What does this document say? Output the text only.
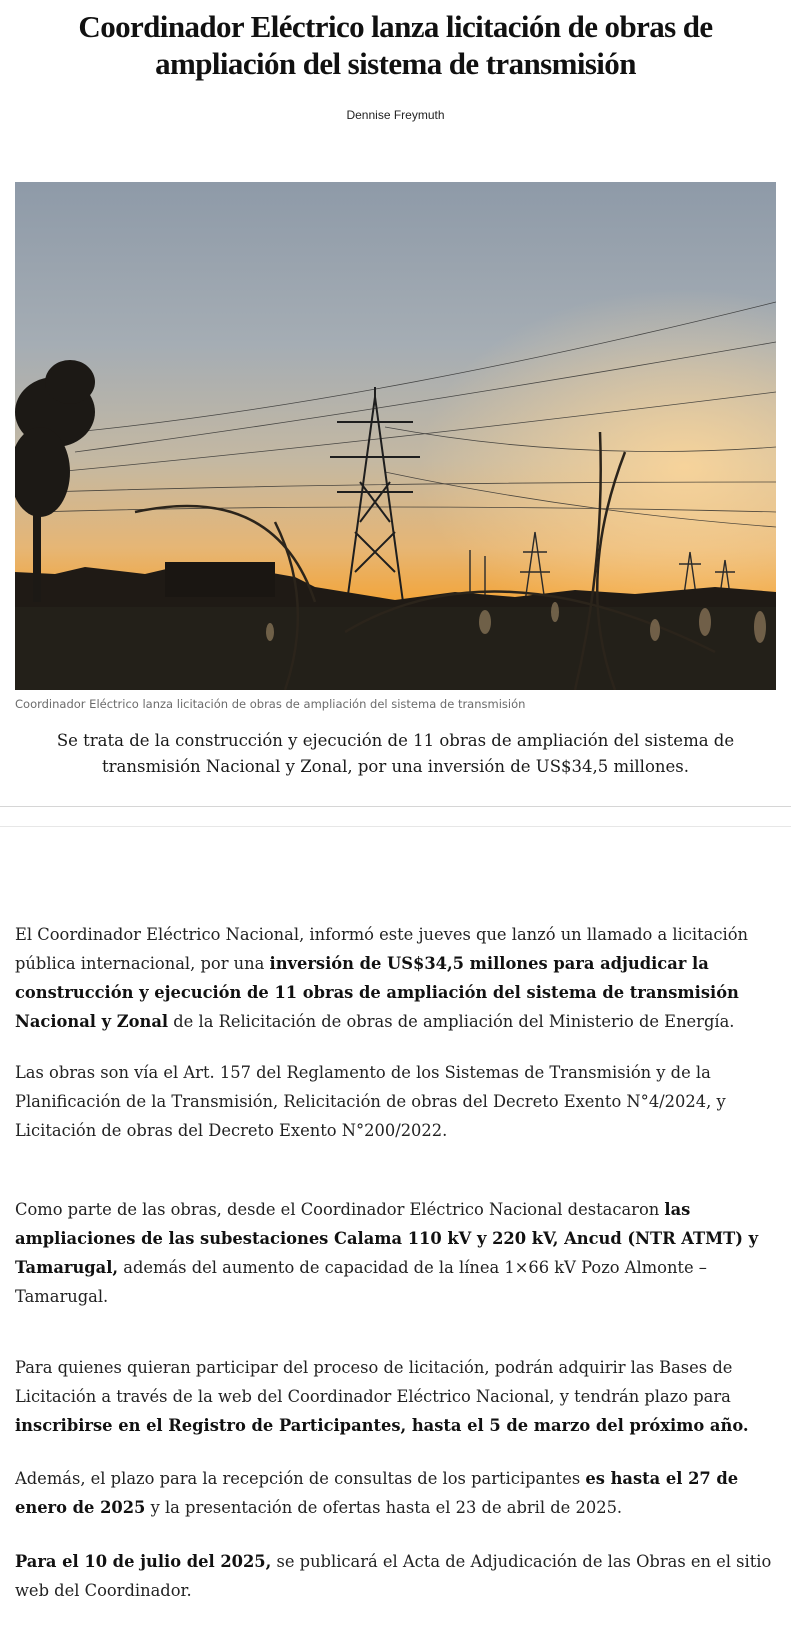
Coordinador Eléctrico lanza licitación de obras de ampliación del sistema de transmisión
Dennise Freymuth
Coordinador Eléctrico lanza licitación de obras de ampliación del sistema de transmisión

Se trata de la construcción y ejecución de 11 obras de ampliación del sistema de transmisión Nacional y Zonal, por una inversión de US$34,5 millones.

El Coordinador Eléctrico Nacional, informó este jueves que lanzó un llamado a licitación pública internacional, por una inversión de US$34,5 millones para adjudicar la construcción y ejecución de 11 obras de ampliación del sistema de transmisión Nacional y Zonal de la Relicitación de obras de ampliación del Ministerio de Energía.

Las obras son vía el Art. 157 del Reglamento de los Sistemas de Transmisión y de la Planificación de la Transmisión, Relicitación de obras del Decreto Exento N°4/2024, y Licitación de obras del Decreto Exento N°200/2022.

Como parte de las obras, desde el Coordinador Eléctrico Nacional destacaron las ampliaciones de las subestaciones Calama 110 kV y 220 kV, Ancud (NTR ATMT) y Tamarugal, además del aumento de capacidad de la línea 1×66 kV Pozo Almonte – Tamarugal.

Para quienes quieran participar del proceso de licitación, podrán adquirir las Bases de Licitación a través de la web del Coordinador Eléctrico Nacional, y tendrán plazo para inscribirse en el Registro de Participantes, hasta el 5 de marzo del próximo año.

Además, el plazo para la recepción de consultas de los participantes es hasta el 27 de enero de 2025 y la presentación de ofertas hasta el 23 de abril de 2025.

Para el 10 de julio del 2025, se publicará el Acta de Adjudicación de las Obras en el sitio web del Coordinador.
